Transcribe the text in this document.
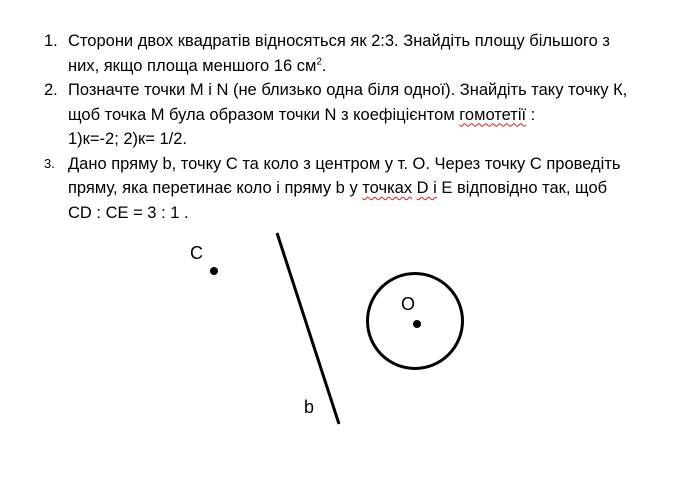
1. Сторони двох квадратів відносяться як 2:3. Знайдіть площу більшого з
них, якщо площа меншого 16 $см^2$.
2. Позначте точки М і N (не близько одна біля одної). Знайдіть таку точку К,
щоб точка М була образом точки N з коефіцієнтом гомотетії :
1)к=-2; 2)к= 1/2.
3. Дано пряму b, точку С та коло з центром у т. О. Через точку С проведіть
пряму, яка перетинає коло і пряму b у точках D і Е відповідно так, щоб
CD : CE = 3 : 1 .
C
O
b
